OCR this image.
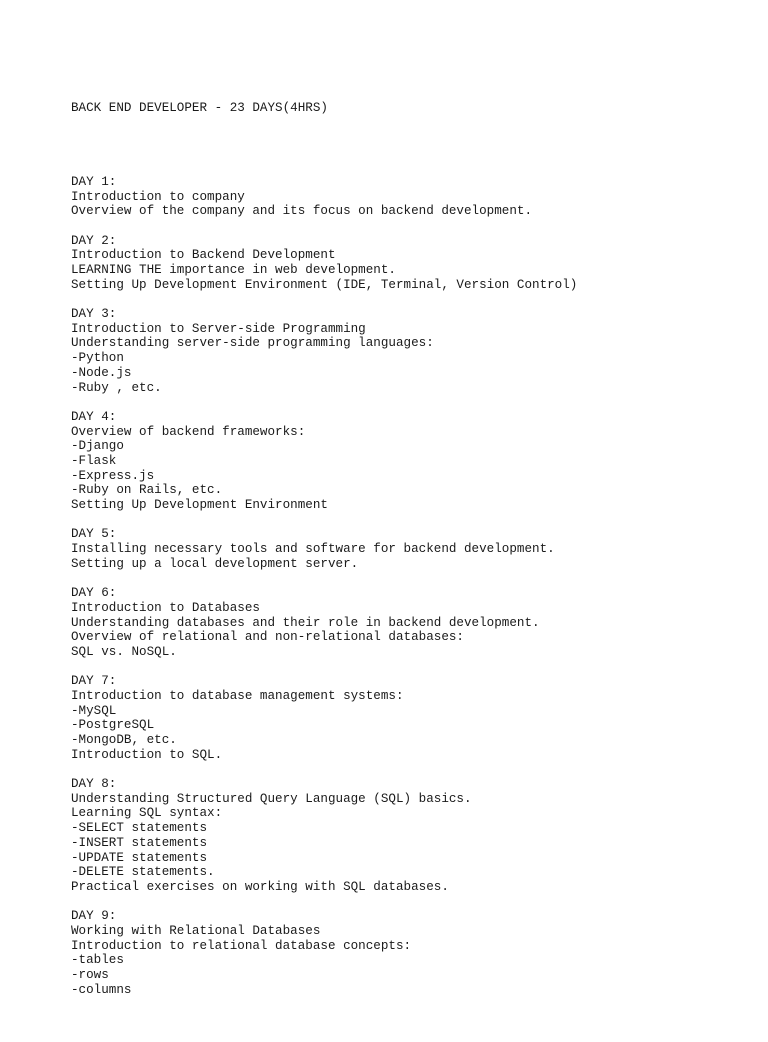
BACK END DEVELOPER - 23 DAYS(4HRS)

DAY 1:
Introduction to company
Overview of the company and its focus on backend development.
DAY 2:
Introduction to Backend Development
LEARNING THE importance in web development.
Setting Up Development Environment (IDE, Terminal, Version Control)
DAY 3:
Introduction to Server-side Programming
Understanding server-side programming languages:
-Python
-Node.js
-Ruby , etc.
DAY 4:
Overview of backend frameworks:
-Django
-Flask
-Express.js
-Ruby on Rails, etc.
Setting Up Development Environment
DAY 5:
Installing necessary tools and software for backend development.
Setting up a local development server.
DAY 6:
Introduction to Databases
Understanding databases and their role in backend development.
Overview of relational and non-relational databases:
SQL vs. NoSQL.
DAY 7:
Introduction to database management systems:
-MySQL
-PostgreSQL
-MongoDB, etc.
Introduction to SQL.
DAY 8:
Understanding Structured Query Language (SQL) basics.
Learning SQL syntax:
-SELECT statements
-INSERT statements
-UPDATE statements
-DELETE statements.
Practical exercises on working with SQL databases.
DAY 9:
Working with Relational Databases
Introduction to relational database concepts:
-tables
-rows
-columns
